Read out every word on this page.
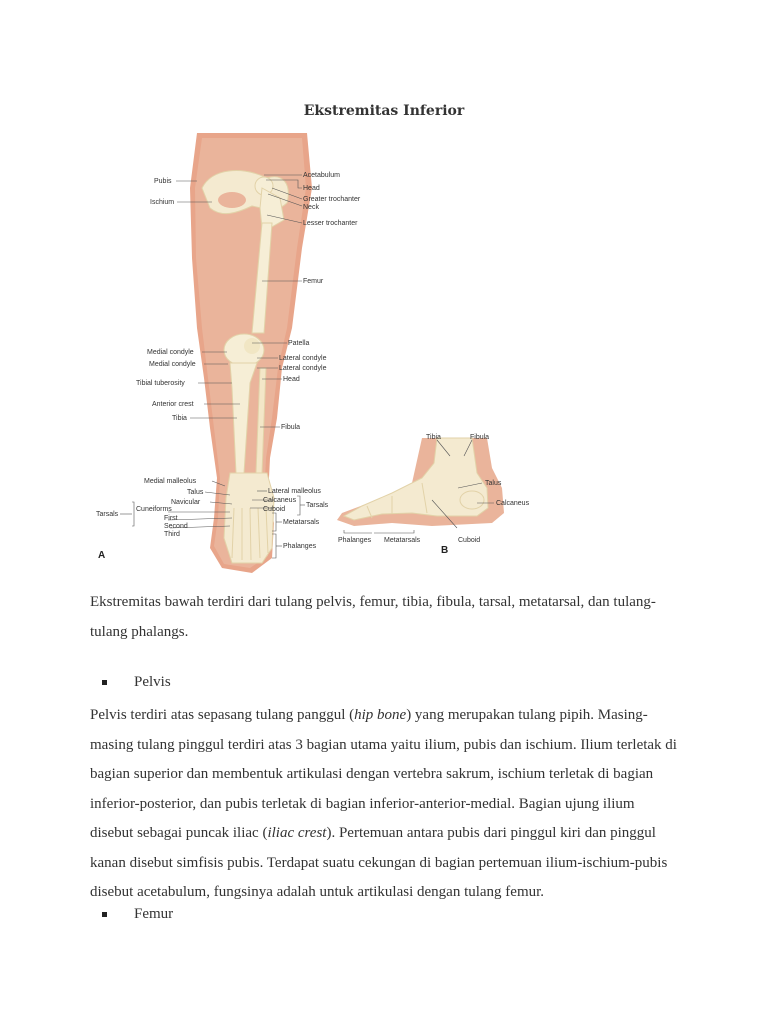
Ekstremitas Inferior
Pubis
Ischium
Acetabulum
Head
Greater trochanter
Neck
Lesser trochanter
Femur
Patella
Medial condyle
Medial condyle
Lateral condyle
Lateral condyle
Head
Tibial tuberosity
Anterior crest
Tibia
Fibula
Medial malleolus
Talus
Navicular
Cuneiforms
First
Second
Third
Tarsals
Lateral malleolus
Calcaneus
Cuboid
Tarsals
Metatarsals
Phalanges
A
Tibia	Fibula
Talus
Calcaneus
Cuboid
Phalanges Metatarsals
B
Ekstremitas bawah terdiri dari tulang pelvis, femur, tibia, fibula, tarsal, metatarsal, dan tulang-tulang phalangs.
Pelvis
Pelvis terdiri atas sepasang tulang panggul (hip bone) yang merupakan tulang pipih. Masing-masing tulang pinggul terdiri atas 3 bagian utama yaitu ilium, pubis dan ischium. Ilium terletak di bagian superior dan membentuk artikulasi dengan vertebra sakrum, ischium terletak di bagian inferior-posterior, dan pubis terletak di bagian inferior-anterior-medial. Bagian ujung ilium disebut sebagai puncak iliac (iliac crest). Pertemuan antara pubis dari pinggul kiri dan pinggul kanan disebut simfisis pubis. Terdapat suatu cekungan di bagian pertemuan ilium-ischium-pubis disebut acetabulum, fungsinya adalah untuk artikulasi dengan tulang femur.
Femur
